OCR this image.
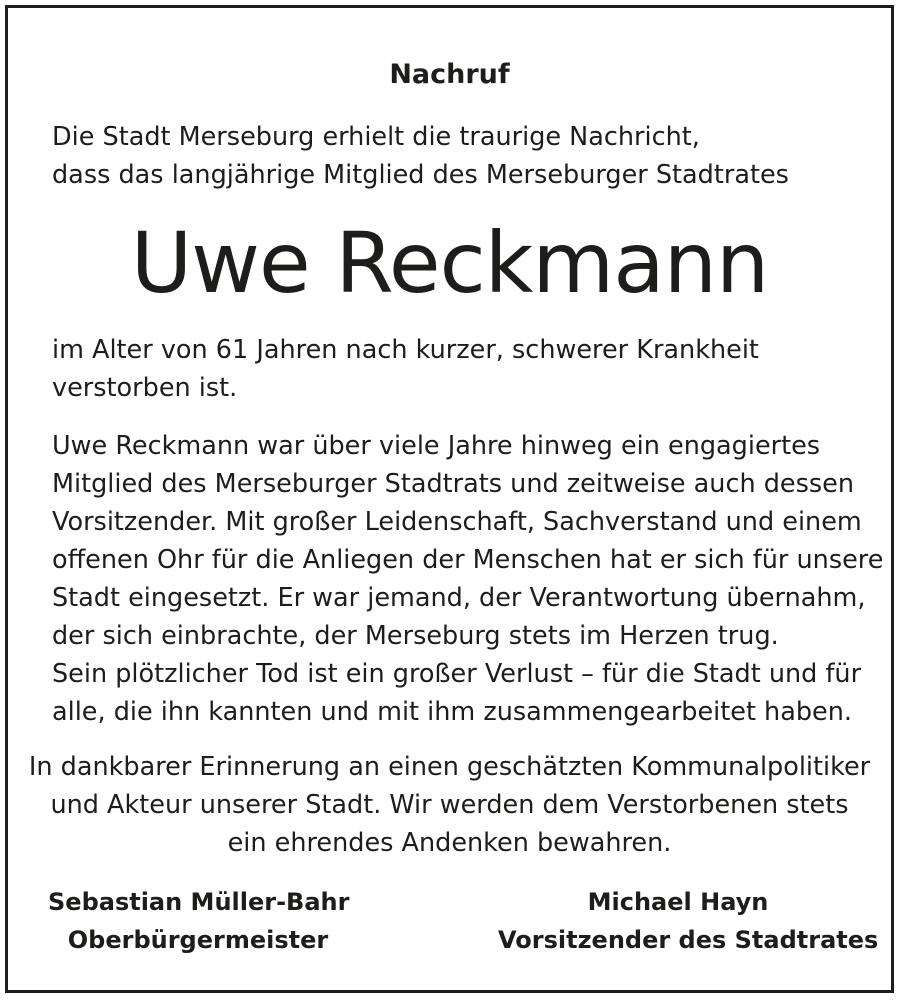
Nachruf
Die Stadt Merseburg erhielt die traurige Nachricht,
dass das langjährige Mitglied des Merseburger Stadtrates
Uwe Reckmann
im Alter von 61 Jahren nach kurzer, schwerer Krankheit
verstorben ist.
Uwe Reckmann war über viele Jahre hinweg ein engagiertes
Mitglied des Merseburger Stadtrats und zeitweise auch dessen
Vorsitzender. Mit großer Leidenschaft, Sachverstand und einem
offenen Ohr für die Anliegen der Menschen hat er sich für unsere
Stadt eingesetzt. Er war jemand, der Verantwortung übernahm,
der sich einbrachte, der Merseburg stets im Herzen trug.
Sein plötzlicher Tod ist ein großer Verlust – für die Stadt und für
alle, die ihn kannten und mit ihm zusammengearbeitet haben.
In dankbarer Erinnerung an einen geschätzten Kommunalpolitiker
und Akteur unserer Stadt. Wir werden dem Verstorbenen stets
ein ehrendes Andenken bewahren.
Sebastian Müller-Bahr
Oberbürgermeister
Michael Hayn
Vorsitzender des Stadtrates
